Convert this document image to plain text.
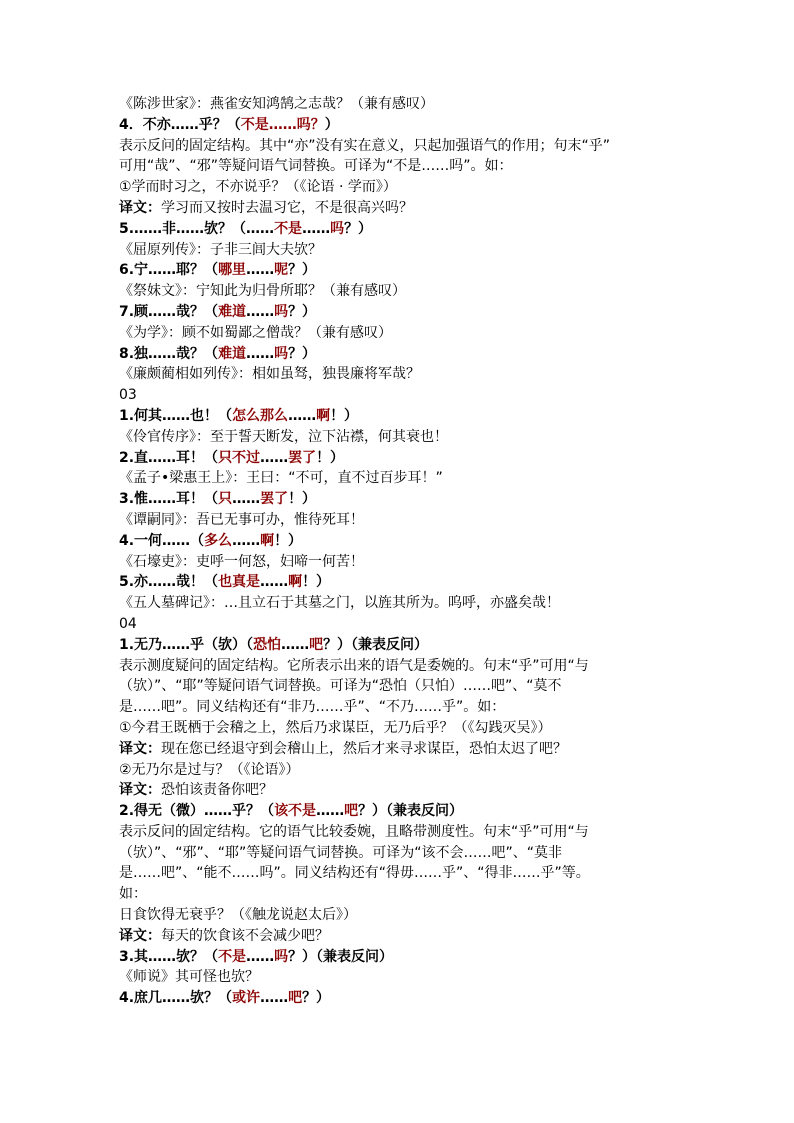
《陈涉世家》：燕雀安知鸿鹄之志哉？（兼有感叹）
4．不亦……乎？（不是……吗？）
表示反问的固定结构。其中“亦”没有实在意义，只起加强语气的作用；句末“乎”
可用“哉”、“邪”等疑问语气词替换。可译为“不是……吗”。如：
①学而时习之，不亦说乎？（《论语 · 学而》）
译文：学习而又按时去温习它，不是很高兴吗？
5.……非……欤？（……不是……吗？）
《屈原列传》：子非三闾大夫欤？
6.宁……耶？（哪里……呢？）
《祭妹文》：宁知此为归骨所耶？（兼有感叹）
7.顾……哉？（难道……吗？）
《为学》：顾不如蜀鄙之僧哉？（兼有感叹）
8.独……哉？（难道……吗？）
《廉颇蔺相如列传》：相如虽驽，独畏廉将军哉？
03
1.何其……也！（怎么那么……啊！）
《伶官传序》：至于誓天断发，泣下沾襟，何其衰也！
2.直……耳！（只不过……罢了！）
《孟子•梁惠王上》：王曰：“不可，直不过百步耳！”
3.惟……耳！（只……罢了！）
《谭嗣同》：吾已无事可办，惟待死耳！
4.一何……（多么……啊！）
《石壕吏》：吏呼一何怒，妇啼一何苦！
5.亦……哉！（也真是……啊！）
《五人墓碑记》：…且立石于其墓之门，以旌其所为。呜呼，亦盛矣哉！
04
1.无乃……乎（欤）（恐怕……吧？）（兼表反问）
表示测度疑问的固定结构。它所表示出来的语气是委婉的。句末“乎”可用“与
（欤）”、“耶”等疑问语气词替换。可译为“恐怕（只怕）……吧”、“莫不
是……吧”。同义结构还有“非乃……乎”、“不乃……乎”。如：
①今君王既栖于会稽之上，然后乃求谋臣，无乃后乎？（《勾践灭吴》）
译文：现在您已经退守到会稽山上，然后才来寻求谋臣，恐怕太迟了吧？
②无乃尔是过与？（《论语》）
译文：恐怕该责备你吧？
2.得无（微）……乎？（该不是……吧？）（兼表反问）
表示反问的固定结构。它的语气比较委婉，且略带测度性。句末“乎”可用“与
（欤）”、“邪”、“耶”等疑问语气词替换。可译为“该不会……吧”、“莫非
是……吧”、“能不……吗”。同义结构还有“得毋……乎”、“得非……乎”等。
如：
日食饮得无衰乎？（《触龙说赵太后》）
译文：每天的饮食该不会减少吧？
3.其……欤？（不是……吗？）（兼表反问）
《师说》其可怪也欤？
4.庶几……欤？（或许……吧？）
